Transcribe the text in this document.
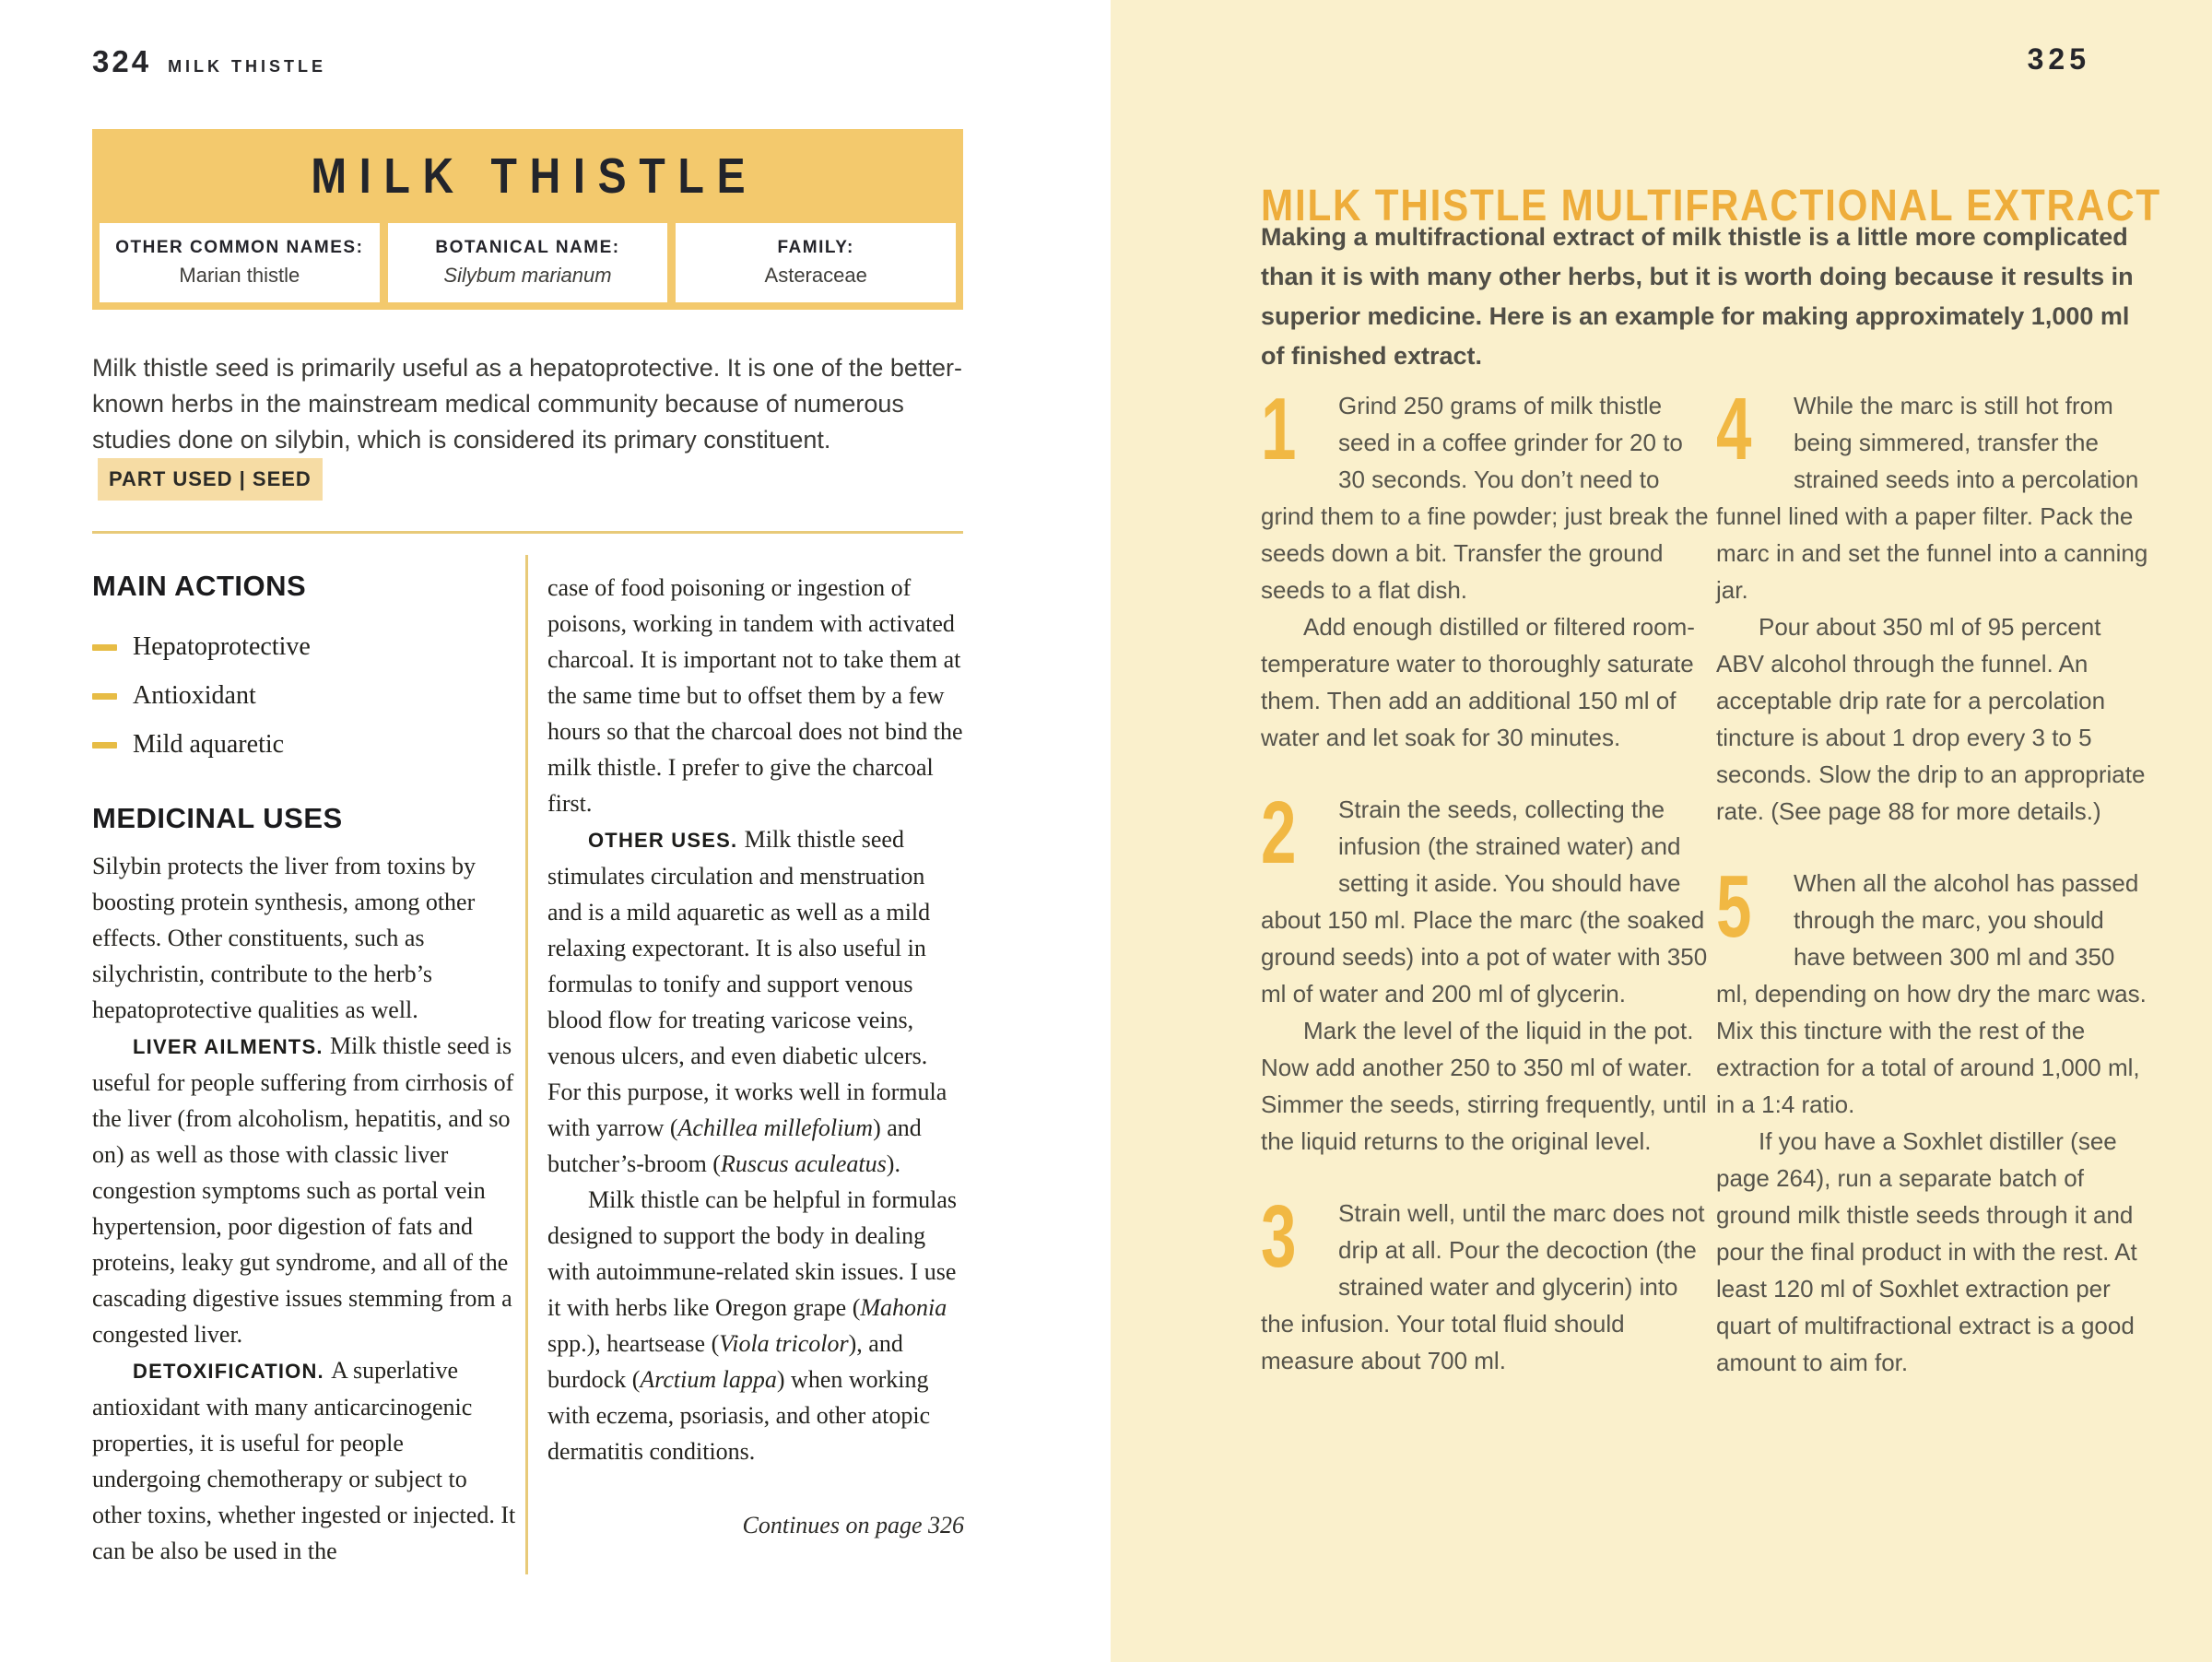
324 MILK THISTLE
MILK THISTLE
OTHER COMMON NAMES:
Marian thistle
BOTANICAL NAME:
Silybum marianum
FAMILY:
Asteraceae

Milk thistle seed is primarily useful as a hepatoprotective. It is one of the better-known herbs in the mainstream medical community because of numerous studies done on silybin, which is considered its primary constituent.PART USED | SEED

MAIN ACTIONS
Hepatoprotective
Antioxidant
Mild aquaretic
MEDICINAL USES

Silybin protects the liver from toxins by boosting protein synthesis, among other effects. Other constituents, such as silychristin, contribute to the herb’s hepatoprotective qualities as well.

LIVER AILMENTS. Milk thistle seed is useful for people suffering from cirrhosis of the liver (from alcoholism, hepatitis, and so on) as well as those with classic liver congestion symptoms such as portal vein hypertension, poor digestion of fats and proteins, leaky gut syndrome, and all of the cascading digestive issues stemming from a congested liver.

DETOXIFICATION. A superlative antioxidant with many anticarcinogenic properties, it is useful for people undergoing chemotherapy or subject to other toxins, whether ingested or injected. It can be also be used in the

case of food poisoning or ingestion of poisons, working in tandem with activated charcoal. It is important not to take them at the same time but to offset them by a few hours so that the charcoal does not bind the milk thistle. I prefer to give the charcoal first.

OTHER USES. Milk thistle seed stimulates circulation and menstruation and is a mild aquaretic as well as a mild relaxing expectorant. It is also useful in formulas to tonify and support venous blood flow for treating varicose veins, venous ulcers, and even diabetic ulcers. For this purpose, it works well in formula with yarrow (Achillea millefolium) and butcher’s-broom (Ruscus aculeatus).

Milk thistle can be helpful in formulas designed to support the body in dealing with autoimmune-related skin issues. I use it with herbs like Oregon grape (Mahonia spp.), heartsease (Viola tricolor), and burdock (Arctium lappa) when working with eczema, psoriasis, and other atopic dermatitis conditions.

Continues on page 326

325
MILK THISTLE MULTIFRACTIONAL EXTRACT

Making a multifractional extract of milk thistle is a little more complicated than it is with many other herbs, but it is worth doing because it results in superior medicine. Here is an example for making approximately 1,000 ml of finished extract.

1	Grind 250 grams of milk thistle seed in a coffee grinder for 20 to 30 seconds. You don’t need to grind them to a fine powder; just break the seeds down a bit. Transfer the ground seeds to a flat dish.

Add enough distilled or filtered room-temperature water to thoroughly saturate them. Then add an additional 150 ml of water and let soak for 30 minutes.

2	Strain the seeds, collecting the infusion (the strained water) and setting it aside. You should have about 150 ml. Place the marc (the soaked ground seeds) into a pot of water with 350 ml of water and 200 ml of glycerin.

Mark the level of the liquid in the pot. Now add another 250 to 350 ml of water. Simmer the seeds, stirring frequently, until the liquid returns to the original level.

3	Strain well, until the marc does not drip at all. Pour the decoction (the strained water and glycerin) into the infusion. Your total fluid should measure about 700 ml.

4	While the marc is still hot from being simmered, transfer the strained seeds into a percolation funnel lined with a paper filter. Pack the marc in and set the funnel into a canning jar.

Pour about 350 ml of 95 percent ABV alcohol through the funnel. An acceptable drip rate for a percolation tincture is about 1 drop every 3 to 5 seconds. Slow the drip to an appropriate rate. (See page 88 for more details.)

5	When all the alcohol has passed through the marc, you should have between 300 ml and 350 ml, depending on how dry the marc was. Mix this tincture with the rest of the extraction for a total of around 1,000 ml, in a 1:4 ratio.

If you have a Soxhlet distiller (see page 264), run a separate batch of ground milk thistle seeds through it and pour the final product in with the rest. At least 120 ml of Soxhlet extraction per quart of multifractional extract is a good amount to aim for.
